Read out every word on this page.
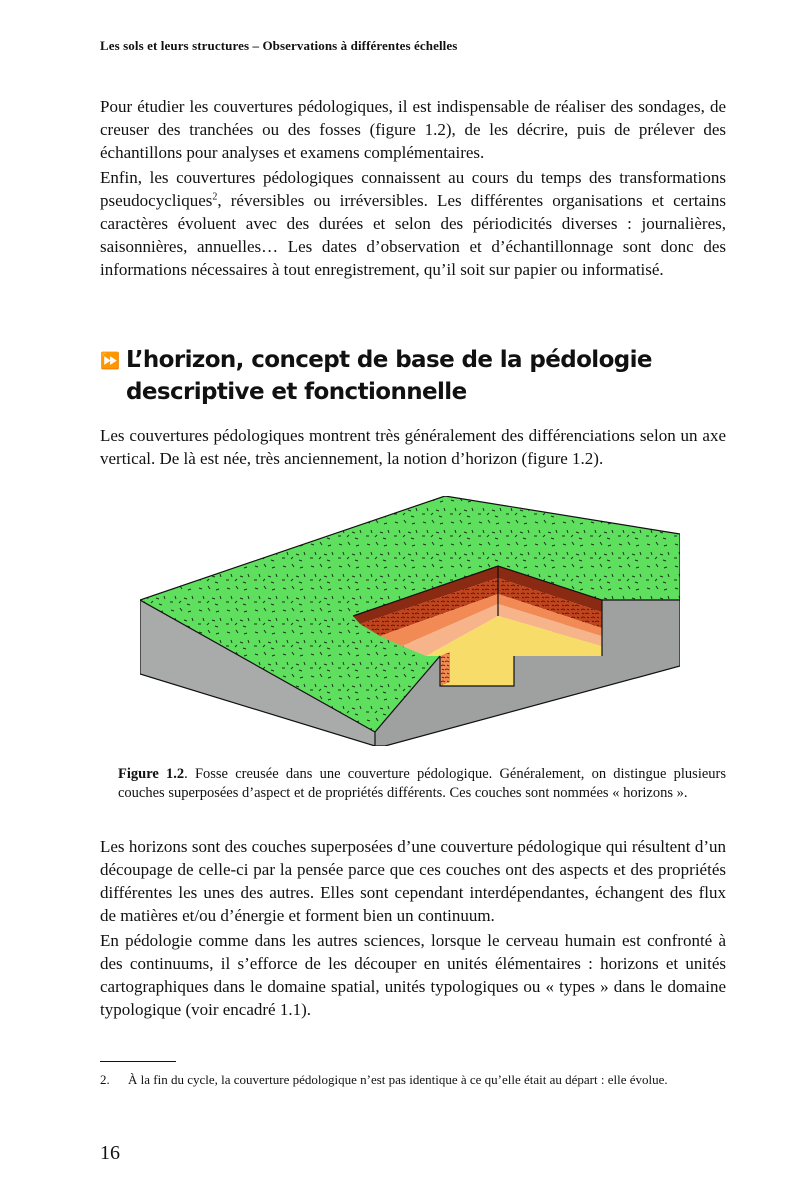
Les sols et leurs structures – Observations à différentes échelles

Pour étudier les couvertures pédologiques, il est indispensable de réaliser des sondages, de creuser des tranchées ou des fosses (figure 1.2), de les décrire, puis de prélever des échantillons pour analyses et examens complémentaires.

Enfin, les couvertures pédologiques connaissent au cours du temps des transformations pseudocycliques$^2$, réversibles ou irréversibles. Les différentes organisations et certains caractères évoluent avec des durées et selon des périodicités diverses : journalières, saisonnières, annuelles… Les dates d’observation et d’échantillonnage sont donc des informations nécessaires à tout enregistrement, qu’il soit sur papier ou informatisé.

⏩ L’horizon, concept de base de la pédologie descriptive et fonctionnelle

Les couvertures pédologiques montrent très généralement des différenciations selon un axe vertical. De là est née, très anciennement, la notion d’horizon (figure 1.2).

Figure 1.2. Fosse creusée dans une couverture pédologique. Généralement, on distingue plusieurs couches superposées d’aspect et de propriétés différents. Ces couches sont nommées « horizons ».

Les horizons sont des couches superposées d’une couverture pédologique qui résultent d’un découpage de celle-ci par la pensée parce que ces couches ont des aspects et des propriétés différentes les unes des autres. Elles sont cependant interdépendantes, échangent des flux de matières et/ou d’énergie et forment bien un continuum.

En pédologie comme dans les autres sciences, lorsque le cerveau humain est confronté à des continuums, il s’efforce de les découper en unités élémentaires : horizons et unités cartographiques dans le domaine spatial, unités typologiques ou « types » dans le domaine typologique (voir encadré 1.1).

2. À la fin du cycle, la couverture pédologique n’est pas identique à ce qu’elle était au départ : elle évolue.

16
